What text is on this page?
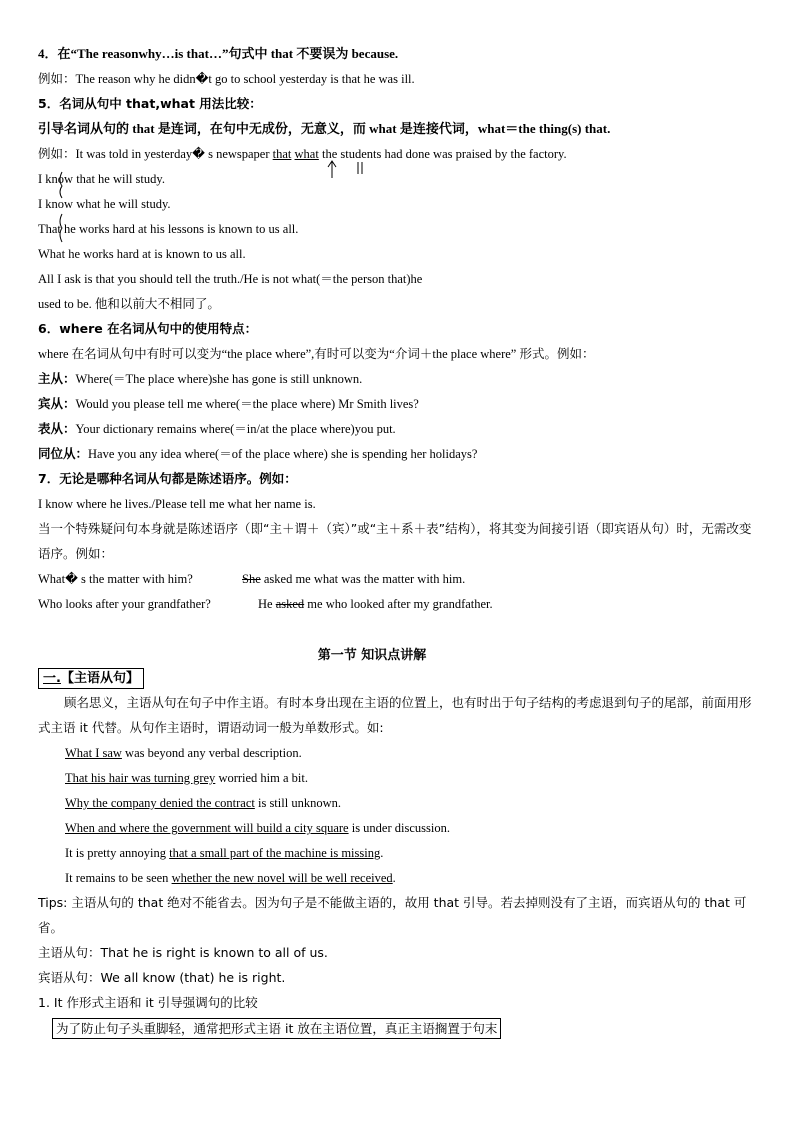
4．在“The reasonwhy…is that…”句式中 that 不要误为 because.
例如：The reason why he didn�t go to school yesterday is that he was ill.
5．名词从句中 that,what 用法比较：
引导名词从句的 that 是连词，在句中无成份，无意义，而 what 是连接代词，what＝the thing(s) that.
例如：It was told in yesterday� s newspaper that what the students had done was praised by the factory.
I know that he will study.
I know what he will study.
That he works hard at his lessons is known to us all.
What he works hard at is known to us all.
All I ask is that you should tell the truth./He is not what(＝the person that)he
used to be. 他和以前大不相同了。
6．where 在名词从句中的使用特点：
where 在名词从句中有时可以变为“the place where”,有时可以变为“介词＋the place where” 形式。例如：
主从：Where(＝The place where)she has gone is still unknown.
宾从：Would you please tell me where(＝the place where) Mr Smith lives?
表从：Your dictionary remains where(＝in/at the place where)you put.
同位从：Have you any idea where(＝of the place where) she is spending her holidays?
7．无论是哪种名词从句都是陈述语序。例如：
I know where he lives./Please tell me what her name is.
当一个特殊疑问句本身就是陈述语序（即“主＋谓＋（宾）”或“主＋系＋表”结构），将其变为间接引语（即宾语从句）时，无需改变语序。例如：
What� s the matter with him?	She asked me what was the matter with him.
Who looks after your grandfather?	He asked me who looked after my grandfather.
第一节 知识点讲解
一.【主语从句】
顾名思义，主语从句在句子中作主语。有时本身出现在主语的位置上，也有时出于句子结构的考虑退到句子的尾部，前面用形式主语 it 代替。从句作主语时，谓语动词一般为单数形式。如:
What I saw was beyond any verbal description.
That his hair was turning grey worried him a bit.
Why the company denied the contract is still unknown.
When and where the government will build a city square is under discussion.
It is pretty annoying that a small part of the machine is missing.
It remains to be seen whether the new novel will be well received.
Tips: 主语从句的 that 绝对不能省去。因为句子是不能做主语的，故用 that 引导。若去掉则没有了主语，而宾语从句的 that 可省。
主语从句：That he is right is known to all of us.
宾语从句：We all know (that) he is right.
1. It 作形式主语和 it 引导强调句的比较
为了防止句子头重脚轻，通常把形式主语 it 放在主语位置，真正主语搁置于句末
